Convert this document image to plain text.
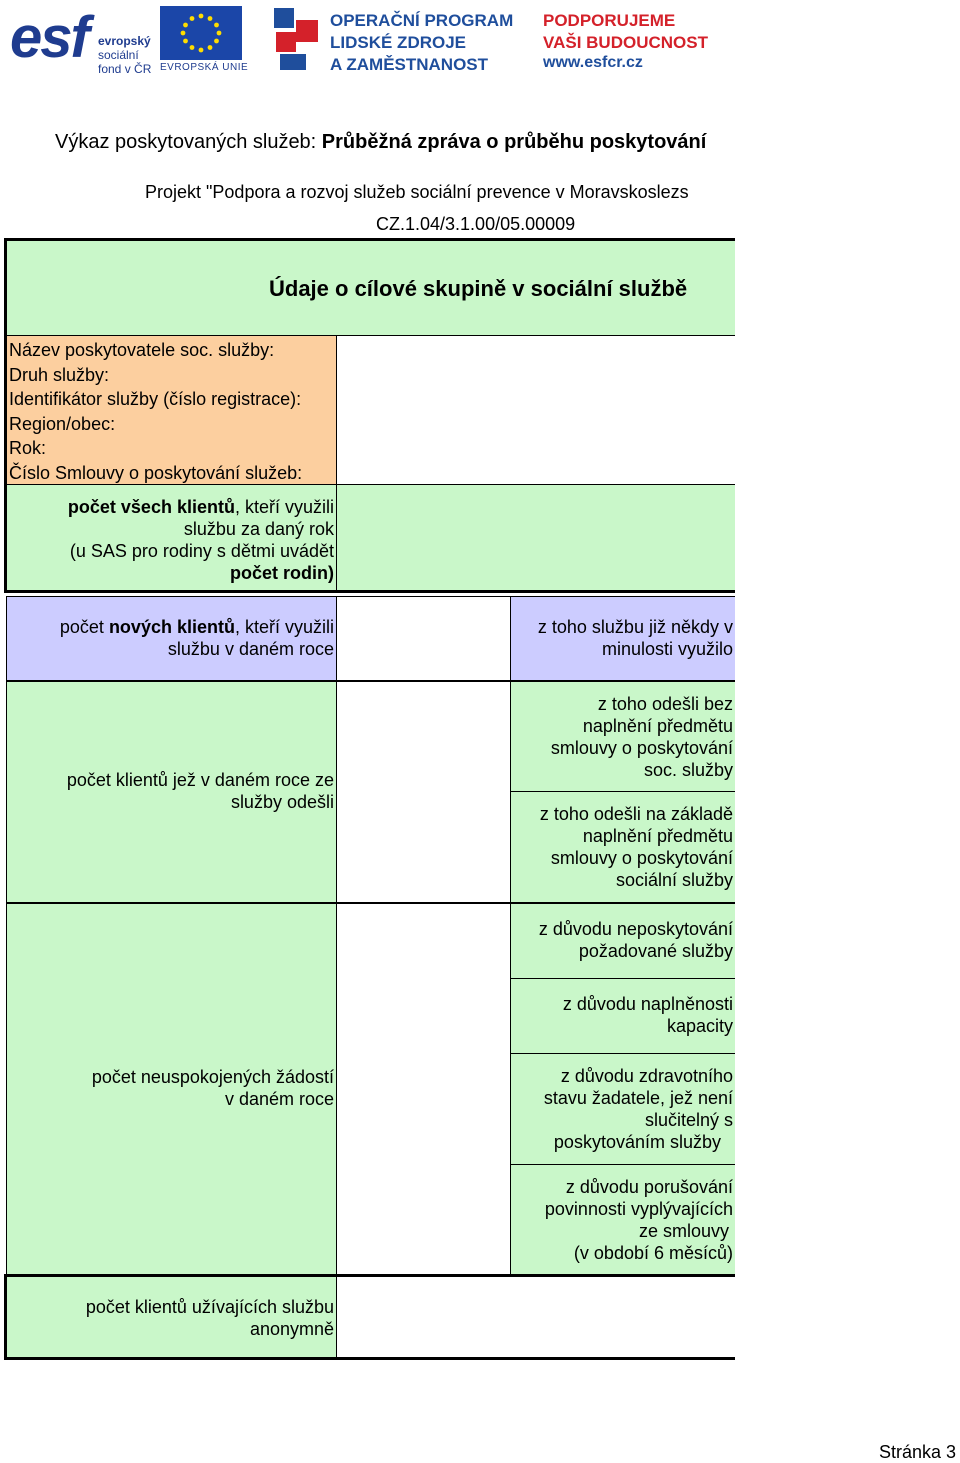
esf evropský
sociální
fond v ČR EVROPSKÁ UNIE
OPERAČNÍ PROGRAM
LIDSKÉ ZDROJE
A ZAMĚSTNANOST
PODPORUJEME
VAŠI BUDOUCNOST
www.esfcr.cz
Výkaz poskytovaných služeb: Průběžná zpráva o průběhu poskytování
Projekt "Podpora a rozvoj služeb sociální prevence v Moravskoslezs
CZ.1.04/3.1.00/05.00009
Údaje o cílové skupině v sociální službě
Název poskytovatele soc. služby:
Druh služby:
Identifikátor služby (číslo registrace):
Region/obec:
Rok:
Číslo Smlouvy o poskytování služeb:
počet všech klientů, kteří využili
službu za daný rok
(u SAS pro rodiny s dětmi uvádět
počet rodin)
počet nových klientů, kteří využili
službu v daném roce
z toho službu již někdy v
minulosti využilo
počet klientů jež v daném roce ze
služby odešli
z toho odešli bez
naplnění předmětu
smlouvy o poskytování
soc. služby
z toho odešli na základě
naplnění předmětu
smlouvy o poskytování
sociální služby
počet neuspokojených žádostí
v daném roce
z důvodu neposkytování
požadované služby
z důvodu naplněnosti
kapacity
z důvodu zdravotního
stavu žadatele, jež není
slučitelný s
poskytováním služby
z důvodu porušování
povinnosti vyplývajících
ze smlouvy
(v období 6 měsíců)
počet klientů užívajících službu
anonymně
Stránka 3
